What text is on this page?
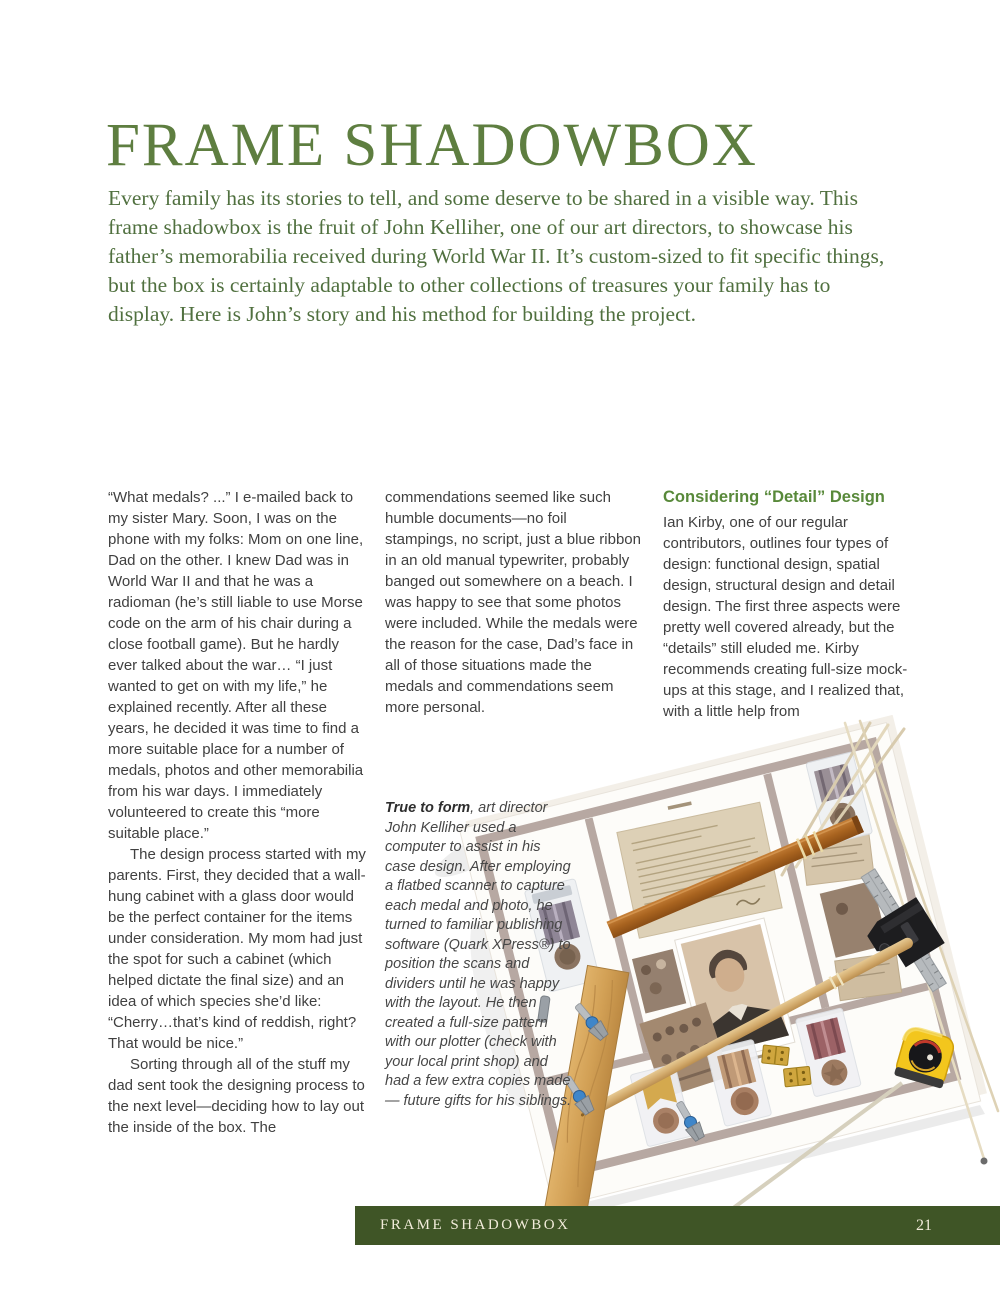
FRAME SHADOWBOX

Every family has its stories to tell, and some deserve to be shared in a visible way. This frame shadowbox is the fruit of John Kelliher, one of our art directors, to showcase his father’s memorabilia received during World War II. It’s custom-sized to fit specific things, but the box is certainly adaptable to other collections of treasures your family has to display. Here is John’s story and his method for building the project.

“What medals? ...” I e-mailed back to my sister Mary. Soon, I was on the phone with my folks: Mom on one line, Dad on the other. I knew Dad was in World War II and that he was a radioman (he’s still liable to use Morse code on the arm of his chair during a close football game). But he hardly ever talked about the war… “I just wanted to get on with my life,” he explained recently. After all these years, he decided it was time to find a more suitable place for a number of medals, photos and other memorabilia from his war days. I immediately volunteered to create this “more suitable place.”

The design process started with my parents. First, they decided that a wall-hung cabinet with a glass door would be the perfect container for the items under consideration. My mom had just the spot for such a cabinet (which helped dictate the final size) and an idea of which species she’d like: “Cherry…that’s kind of reddish, right? That would be nice.”

Sorting through all of the stuff my dad sent took the designing process to the next level—deciding how to lay out the inside of the box. The

commendations seemed like such humble documents—no foil stampings, no script, just a blue ribbon in an old manual typewriter, probably banged out somewhere on a beach. I was happy to see that some photos were included. While the medals were the reason for the case, Dad’s face in all of those situations made the medals and commendations seem more personal.

Considering “Detail” Design

Ian Kirby, one of our regular contributors, outlines four types of design: functional design, spatial design, structural design and detail design. The first three aspects were pretty well covered already, but the “details” still eluded me. Kirby recommends creating full-size mock-ups at this stage, and I realized that, with a little help from

True to form, art director John Kelliher used a computer to assist in his case design. After employing a flatbed scanner to capture each medal and photo, he turned to familiar publishing software (Quark XPress®) to position the scans and dividers until he was happy with the layout. He then created a full-size pattern with our plotter (check with your local print shop) and had a few extra copies made— future gifts for his siblings.
FRAME SHADOWBOX	21
